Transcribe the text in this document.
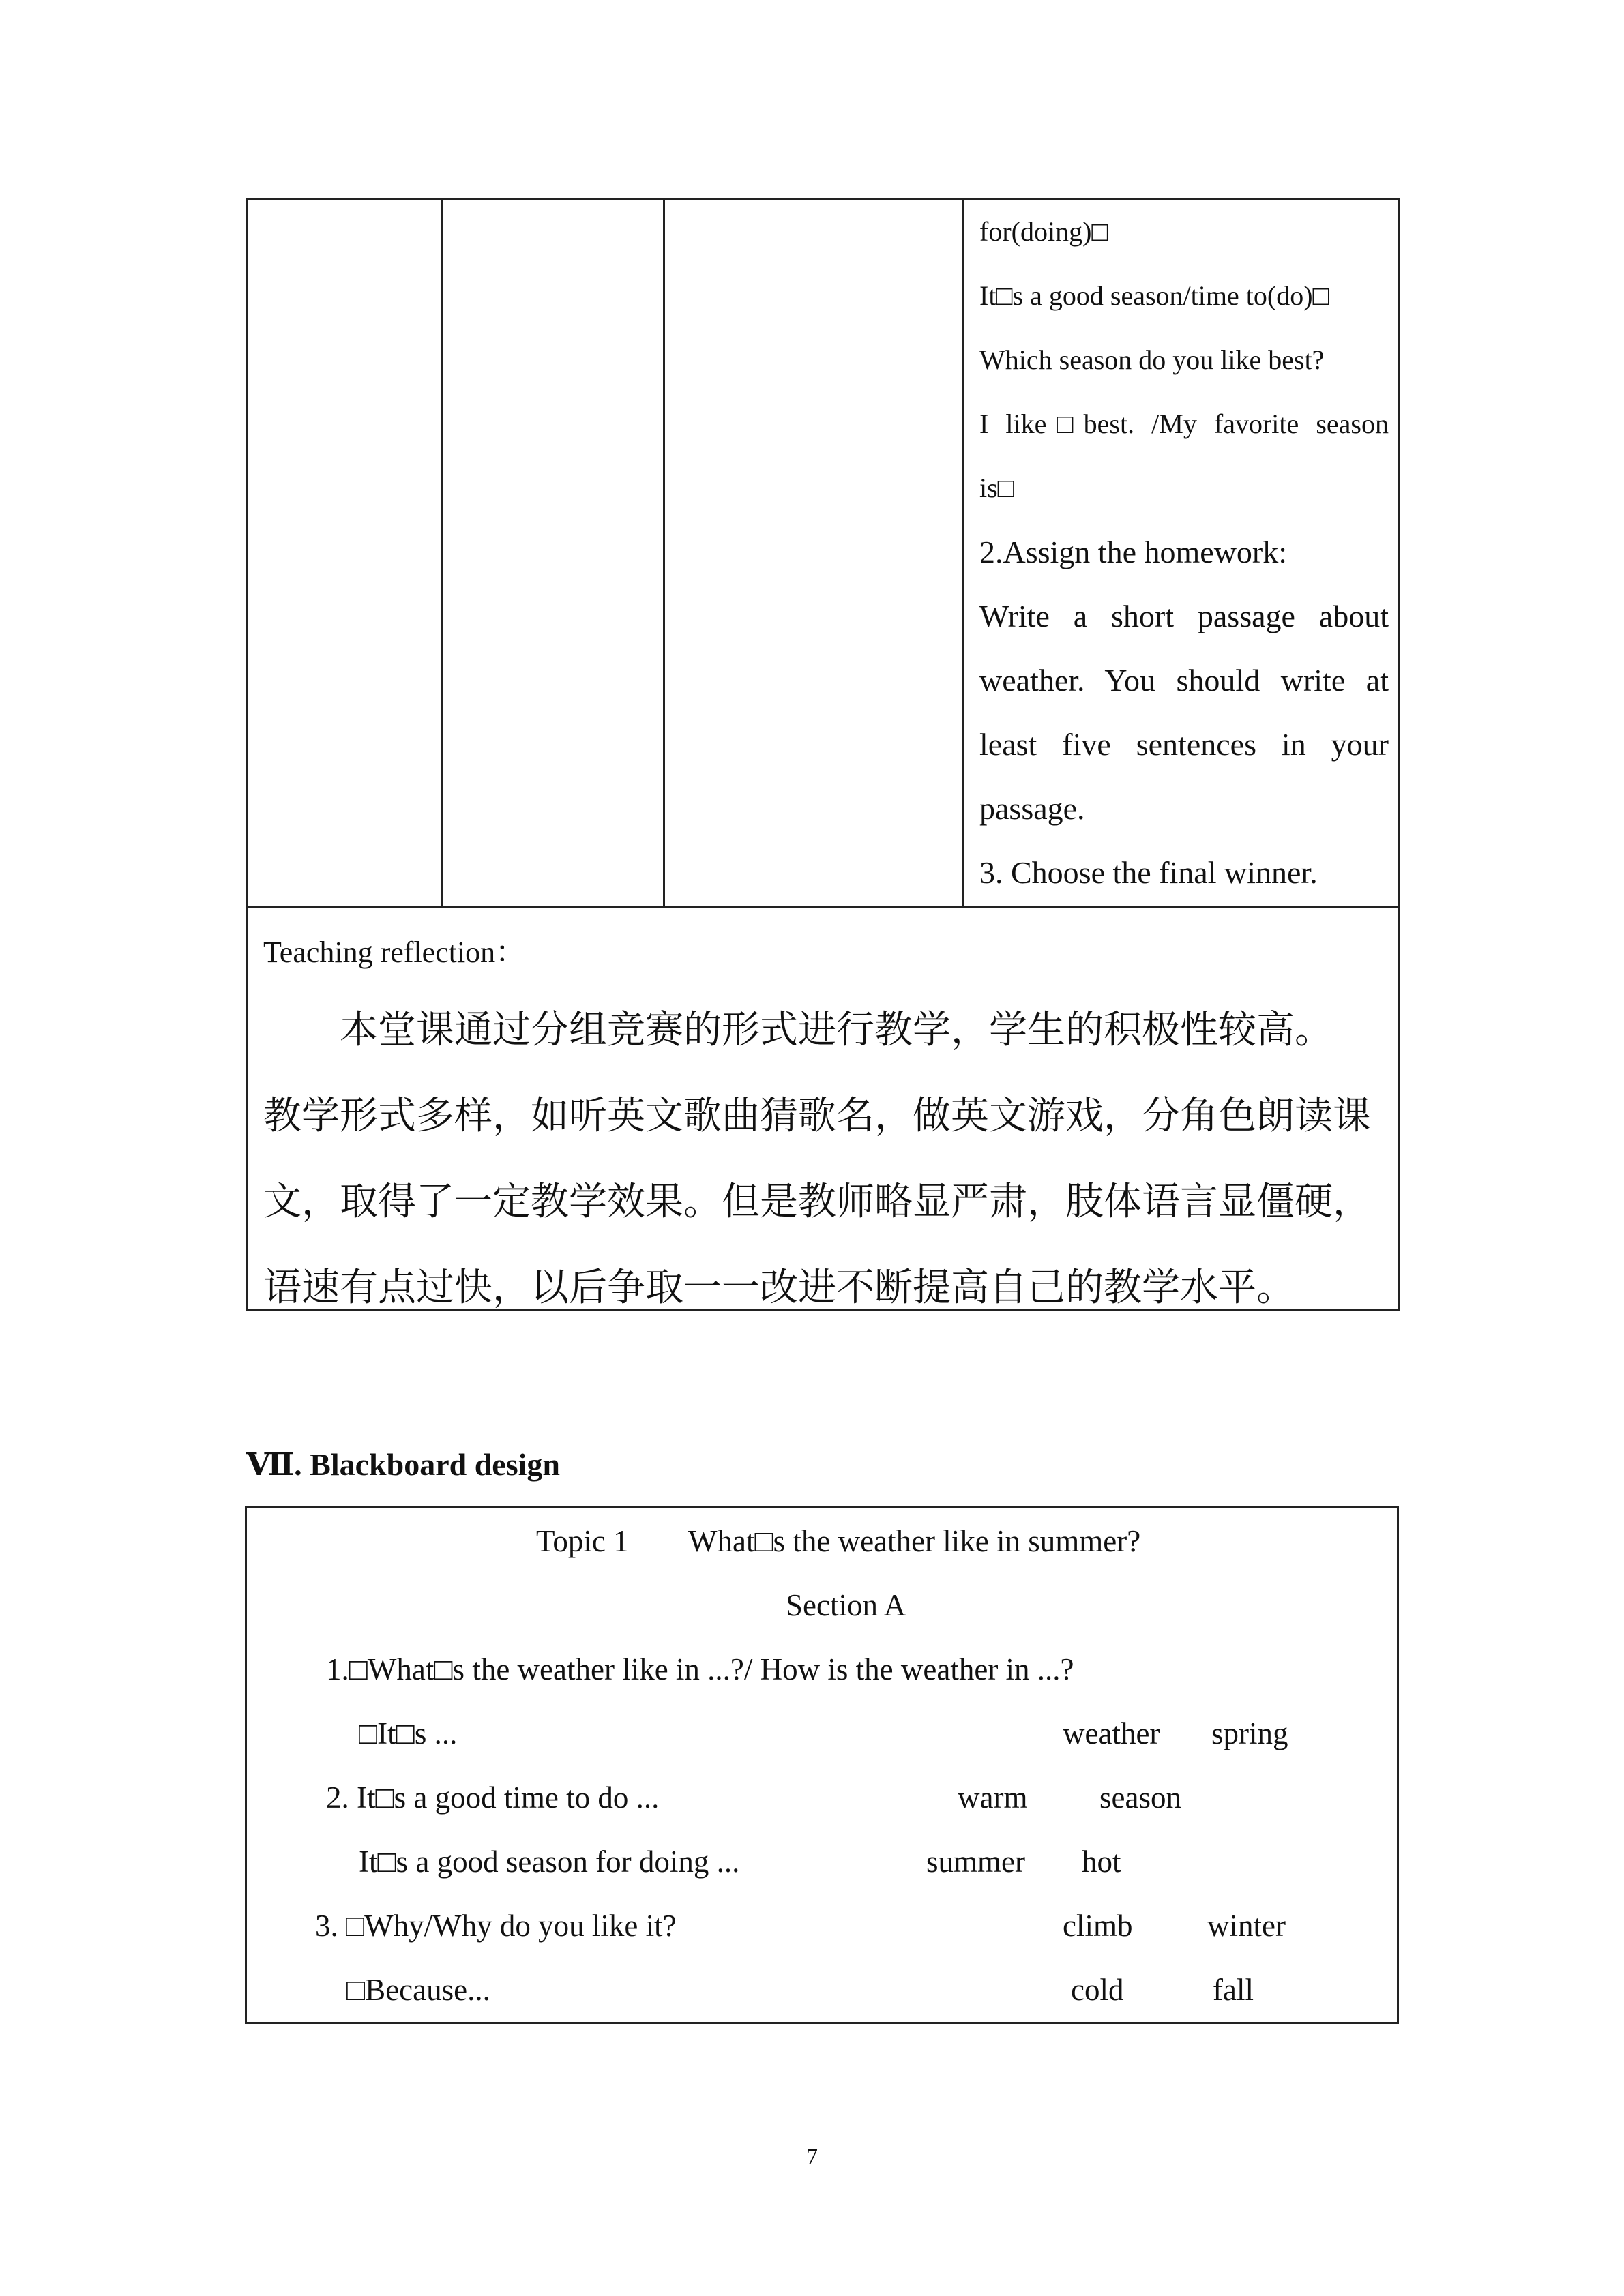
for(doing)□
It□s a good season/time to(do)□
Which season do you like best?
I like□best. /My favorite season
is□
2.Assign the homework:
Write a short passage about
weather. You should write at
least five sentences in your
passage.
3. Choose the final winner.
Teaching reflection：
　　本堂课通过分组竞赛的形式进行教学，学生的积极性较高。
教学形式多样，如听英文歌曲猜歌名，做英文游戏，分角色朗读课
文，取得了一定教学效果。但是教师略显严肃，肢体语言显僵硬，
语速有点过快，以后争取一一改进不断提高自己的教学水平。
Ⅶ. Blackboard design
Topic 1 What□s the weather like in summer?
Section A
1.□What□s the weather like in ...?/ How is the weather in ...?
□It□s ...
2. It□s a good time to do ...
It□s a good season for doing ...
3. □Why/Why do you like it?
□Because...
weather spring
warm season
summer hot
climb winter
cold	fall
7
